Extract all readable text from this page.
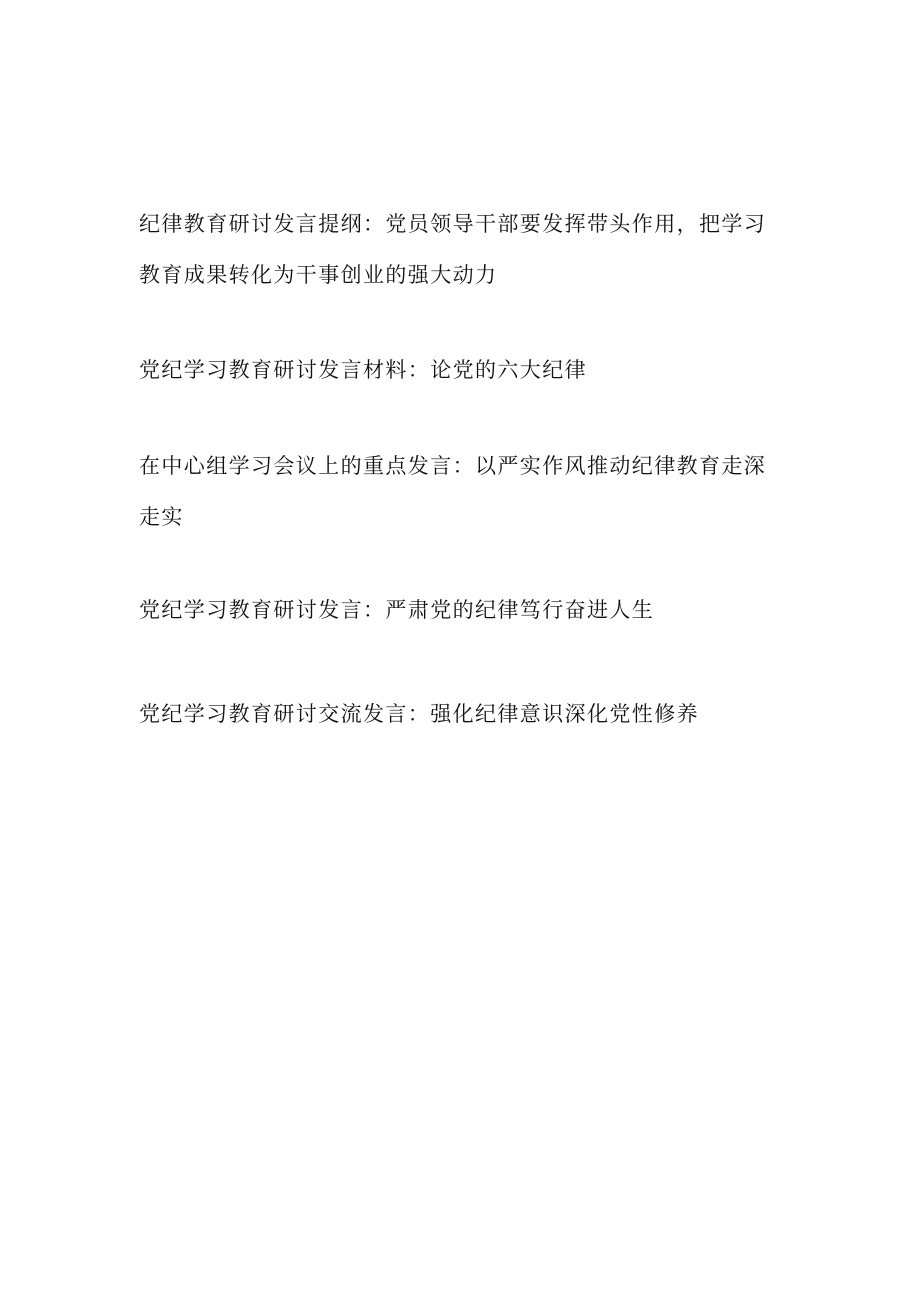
纪律教育研讨发言提纲：党员领导干部要发挥带头作用，把学习教育成果转化为干事创业的强大动力

党纪学习教育研讨发言材料：论党的六大纪律

在中心组学习会议上的重点发言：以严实作风推动纪律教育走深走实

党纪学习教育研讨发言：严肃党的纪律笃行奋进人生

党纪学习教育研讨交流发言：强化纪律意识深化党性修养
